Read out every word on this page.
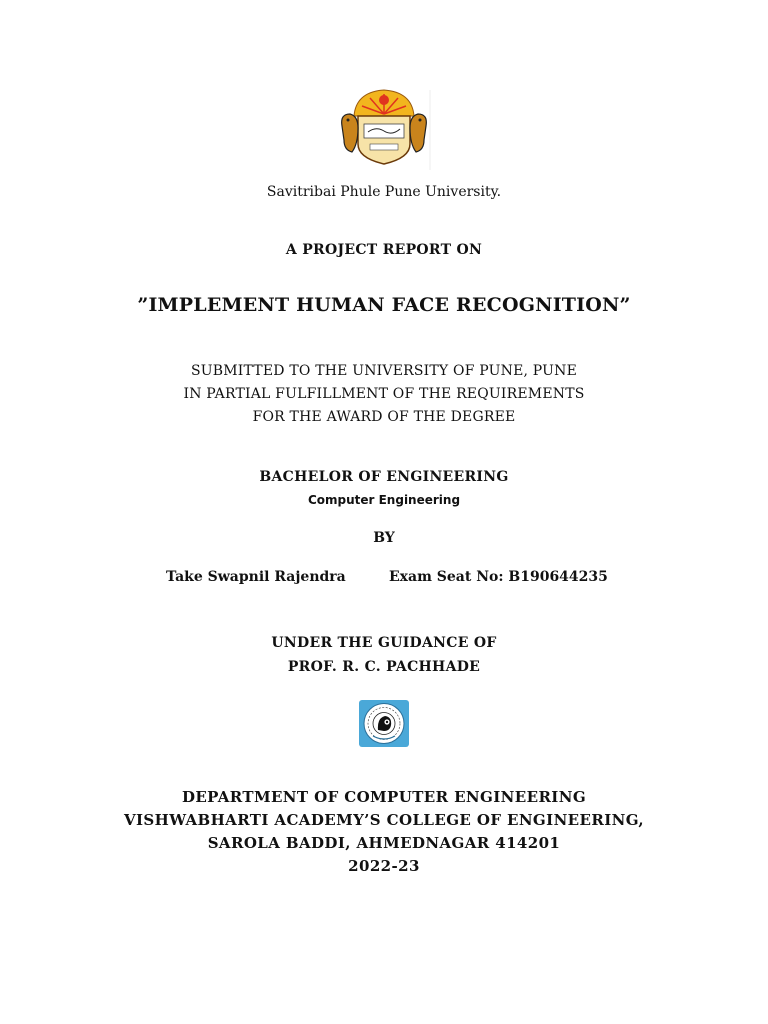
Savitribai Phule Pune University.
A PROJECT REPORT ON
”IMPLEMENT HUMAN FACE RECOGNITION”
SUBMITTED TO THE UNIVERSITY OF PUNE, PUNE
IN PARTIAL FULFILLMENT OF THE REQUIREMENTS
FOR THE AWARD OF THE DEGREE
BACHELOR OF ENGINEERING
Computer Engineering
BY
Take Swapnil Rajendra	Exam Seat No: B190644235
UNDER THE GUIDANCE OF
PROF. R. C. PACHHADE
DEPARTMENT OF COMPUTER ENGINEERING
VISHWABHARTI ACADEMY’S COLLEGE OF ENGINEERING,
SAROLA BADDI, AHMEDNAGAR 414201
2022-23
